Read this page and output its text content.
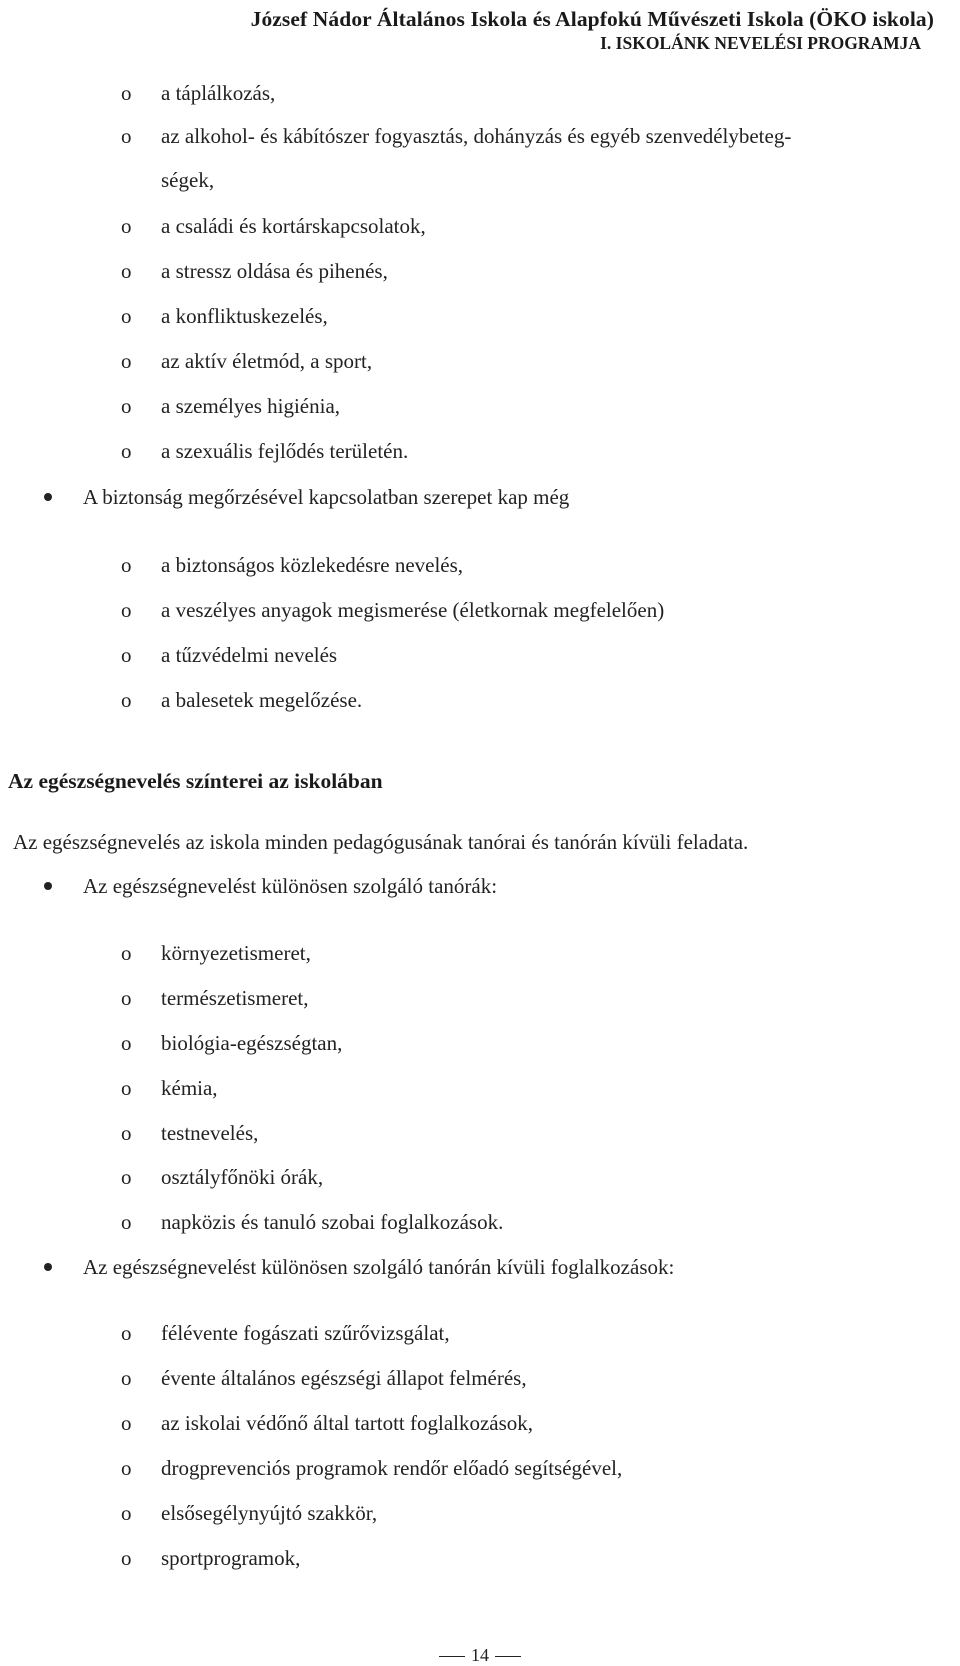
József Nádor Általános Iskola és Alapfokú Művészeti Iskola (ÖKO iskola)
I. ISKOLÁNK NEVELÉSI PROGRAMJA
o	a táplálkozás,
o	az alkohol- és kábítószer fogyasztás, dohányzás és egyéb szenvedélybeteg-
ségek,
o	a családi és kortárskapcsolatok,
o	a stressz oldása és pihenés,
o	a konfliktuskezelés,
o	az aktív életmód, a sport,
o	a személyes higiénia,
o	a szexuális fejlődés területén.
A biztonság megőrzésével kapcsolatban szerepet kap még
o	a biztonságos közlekedésre nevelés,
o	a veszélyes anyagok megismerése (életkornak megfelelően)
o	a tűzvédelmi nevelés
o	a balesetek megelőzése.
Az egészségnevelés színterei az iskolában
Az egészségnevelés az iskola minden pedagógusának tanórai és tanórán kívüli feladata.
Az egészségnevelést különösen szolgáló tanórák:
o	környezetismeret,
o	természetismeret,
o	biológia-egészségtan,
o	kémia,
o	testnevelés,
o	osztályfőnöki órák,
o	napközis és tanuló szobai foglalkozások.
Az egészségnevelést különösen szolgáló tanórán kívüli foglalkozások:
o	félévente fogászati szűrővizsgálat,
o	évente általános egészségi állapot felmérés,
o	az iskolai védőnő által tartott foglalkozások,
o	drogprevenciós programok rendőr előadó segítségével,
o	elsősegélynyújtó szakkör,
o	sportprogramok,
14
